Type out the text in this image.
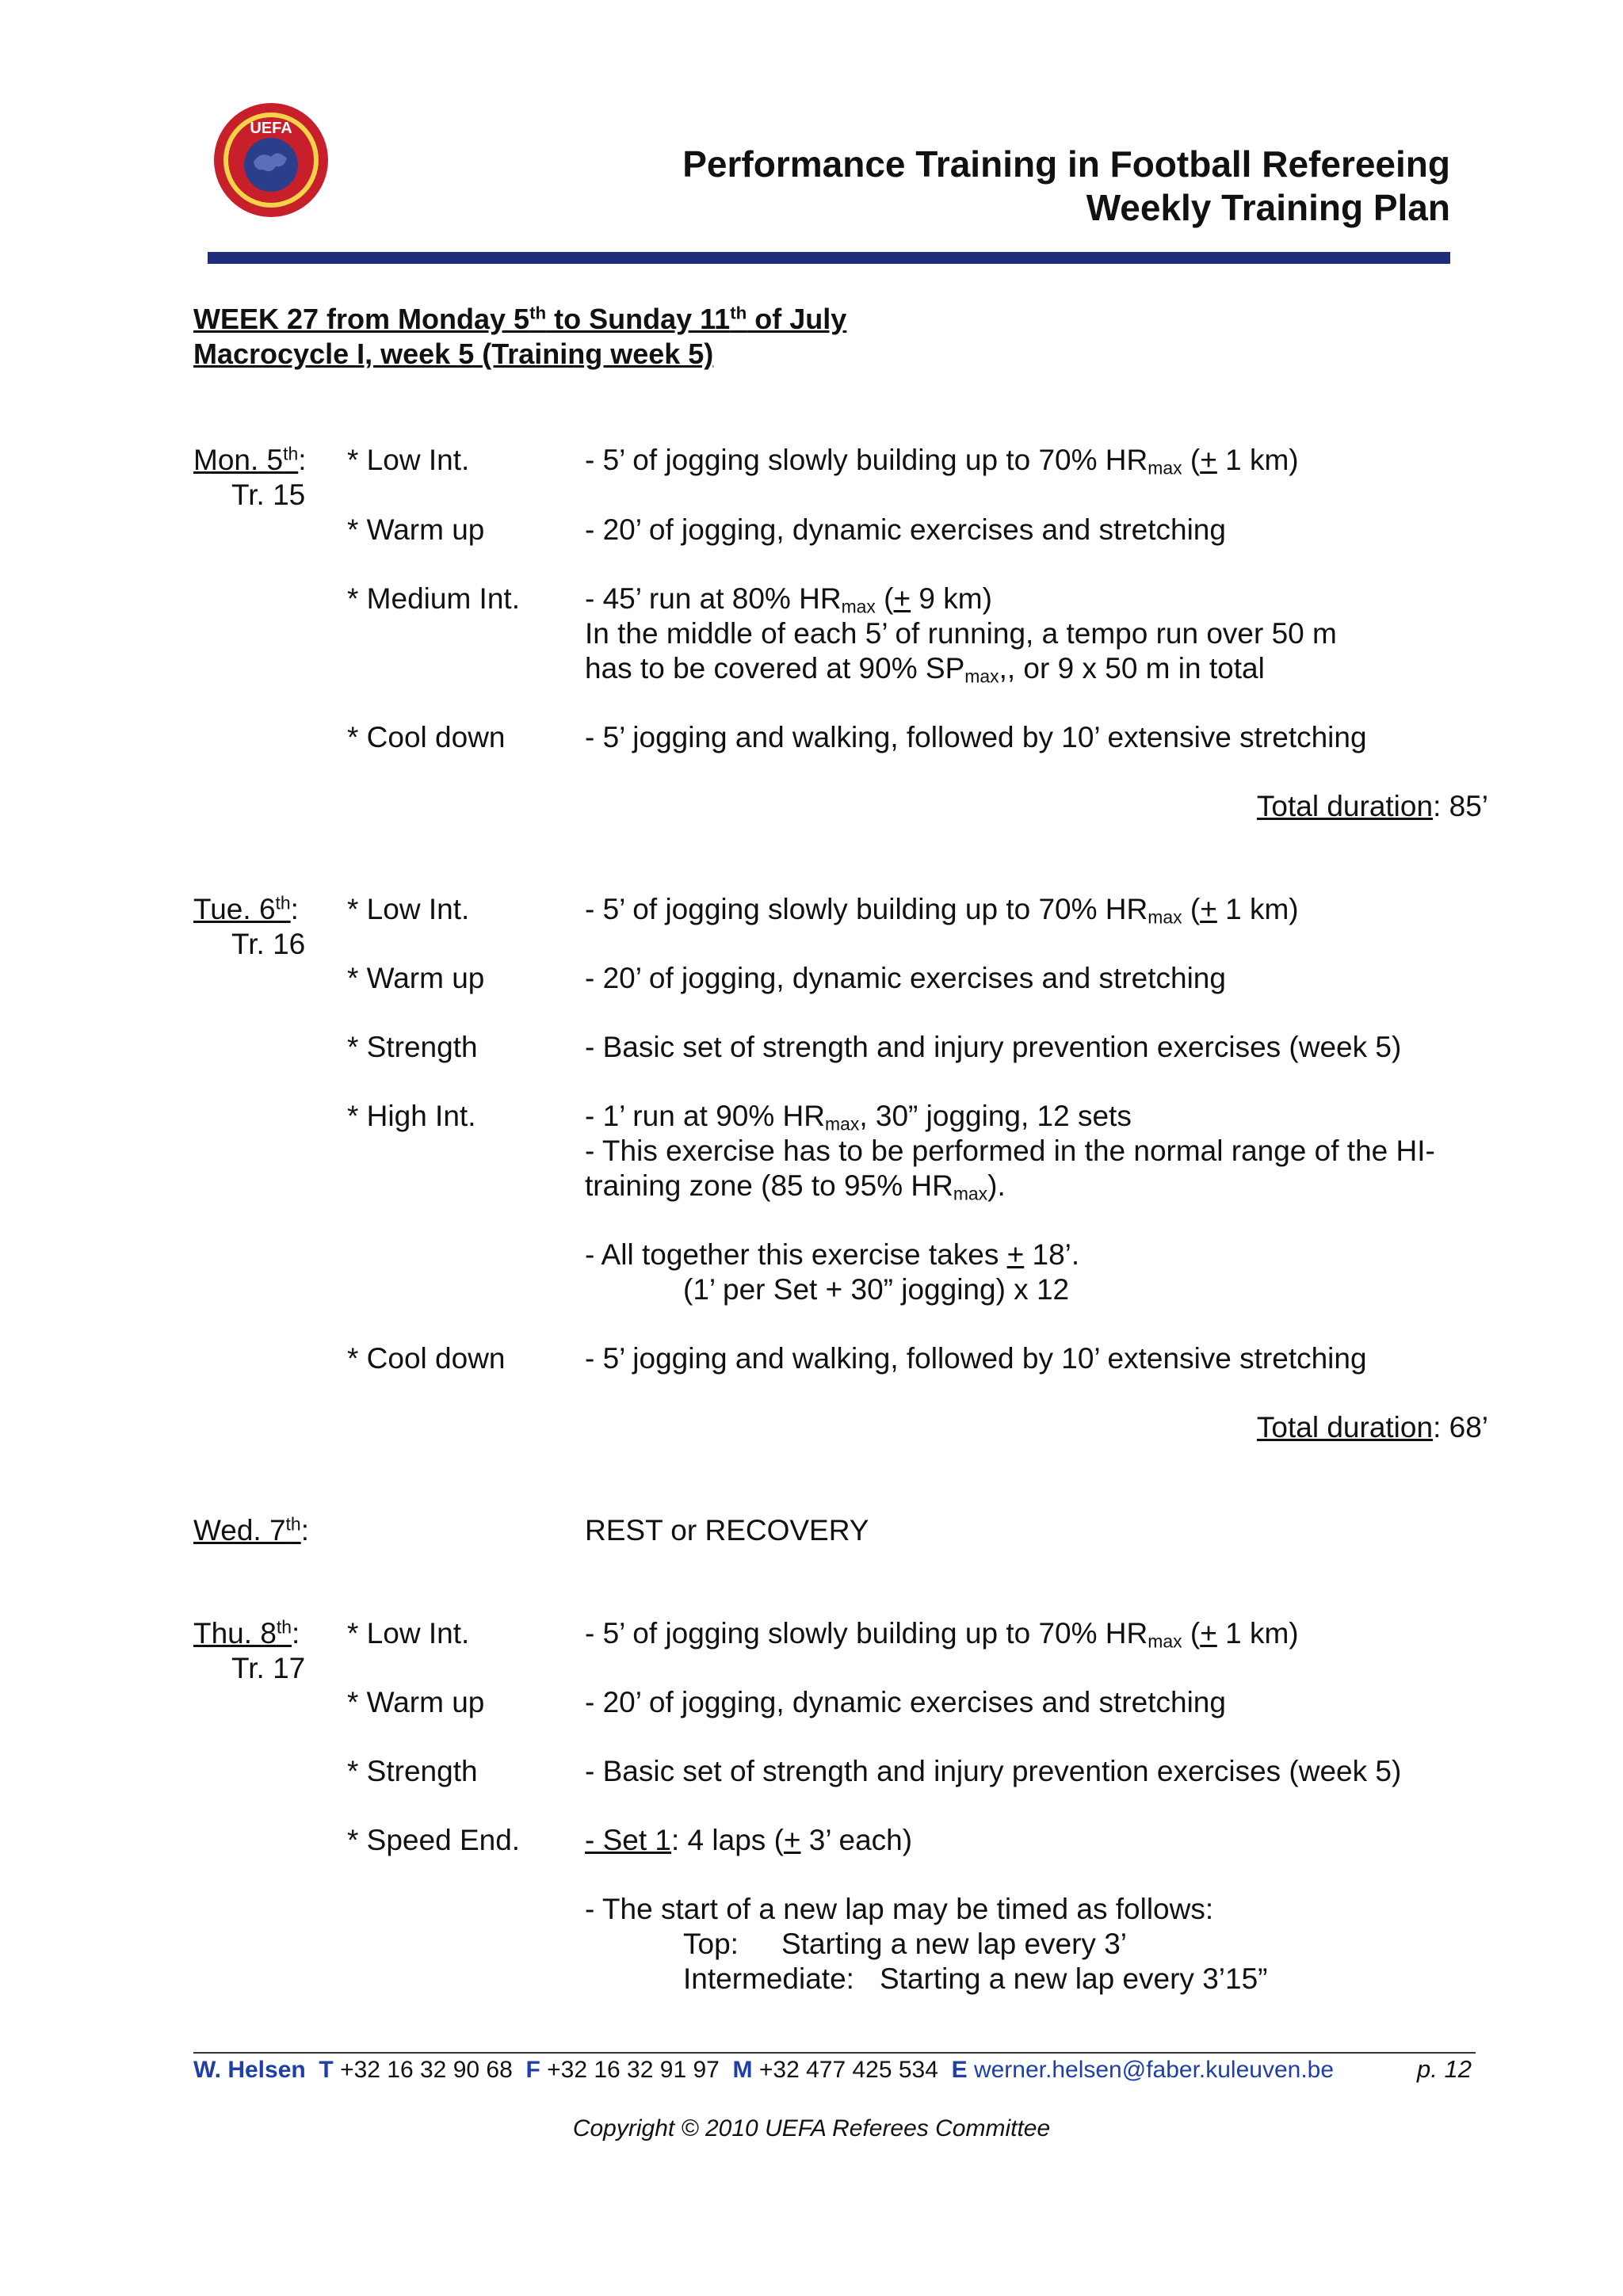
UEFA
Performance Training in Football Refereeing
Weekly Training Plan
WEEK 27 from Monday 5th to Sunday 11th of July
Macrocycle I, week 5 (Training week 5)
Mon. 5th:
Tr. 15
* Low Int.	- 5’ of jogging slowly building up to 70% $HR_{max}$ (+ 1 km)
* Warm up	- 20’ of jogging, dynamic exercises and stretching
* Medium Int. - 45’ run at 80% $HR_{max}$ (+ 9 km)
In the middle of each 5’ of running, a tempo run over 50 m
has to be covered at 90% $SP_{max}$,, or 9 x 50 m in total
* Cool down	- 5’ jogging and walking, followed by 10’ extensive stretching
Total duration: 85’
Tue. 6th:
Tr. 16
* Low Int.	- 5’ of jogging slowly building up to 70% $HR_{max}$ (+ 1 km)
* Warm up	- 20’ of jogging, dynamic exercises and stretching
* Strength	- Basic set of strength and injury prevention exercises (week 5)
* High Int.	- 1’ run at 90% $HR_{max}$, 30” jogging, 12 sets
- This exercise has to be performed in the normal range of the HI-
training zone (85 to 95% $HR_{max}$).
- All together this exercise takes + 18’.
(1’ per Set + 30” jogging) x 12
* Cool down	- 5’ jogging and walking, followed by 10’ extensive stretching
Total duration: 68’
Wed. 7th:	REST or RECOVERY
Thu. 8th:
Tr. 17
* Low Int.	- 5’ of jogging slowly building up to 70% $HR_{max}$ (+ 1 km)
* Warm up	- 20’ of jogging, dynamic exercises and stretching
* Strength	- Basic set of strength and injury prevention exercises (week 5)
* Speed End. - Set 1: 4 laps (+ 3’ each)
- The start of a new lap may be timed as follows:
Top: Starting a new lap every 3’
Intermediate: Starting a new lap every 3’15”
W. Helsen T +32 16 32 90 68 F +32 16 32 91 97 M +32 477 425 534 E werner.helsen@faber.kuleuven.be	p. 12
Copyright © 2010 UEFA Referees Committee
